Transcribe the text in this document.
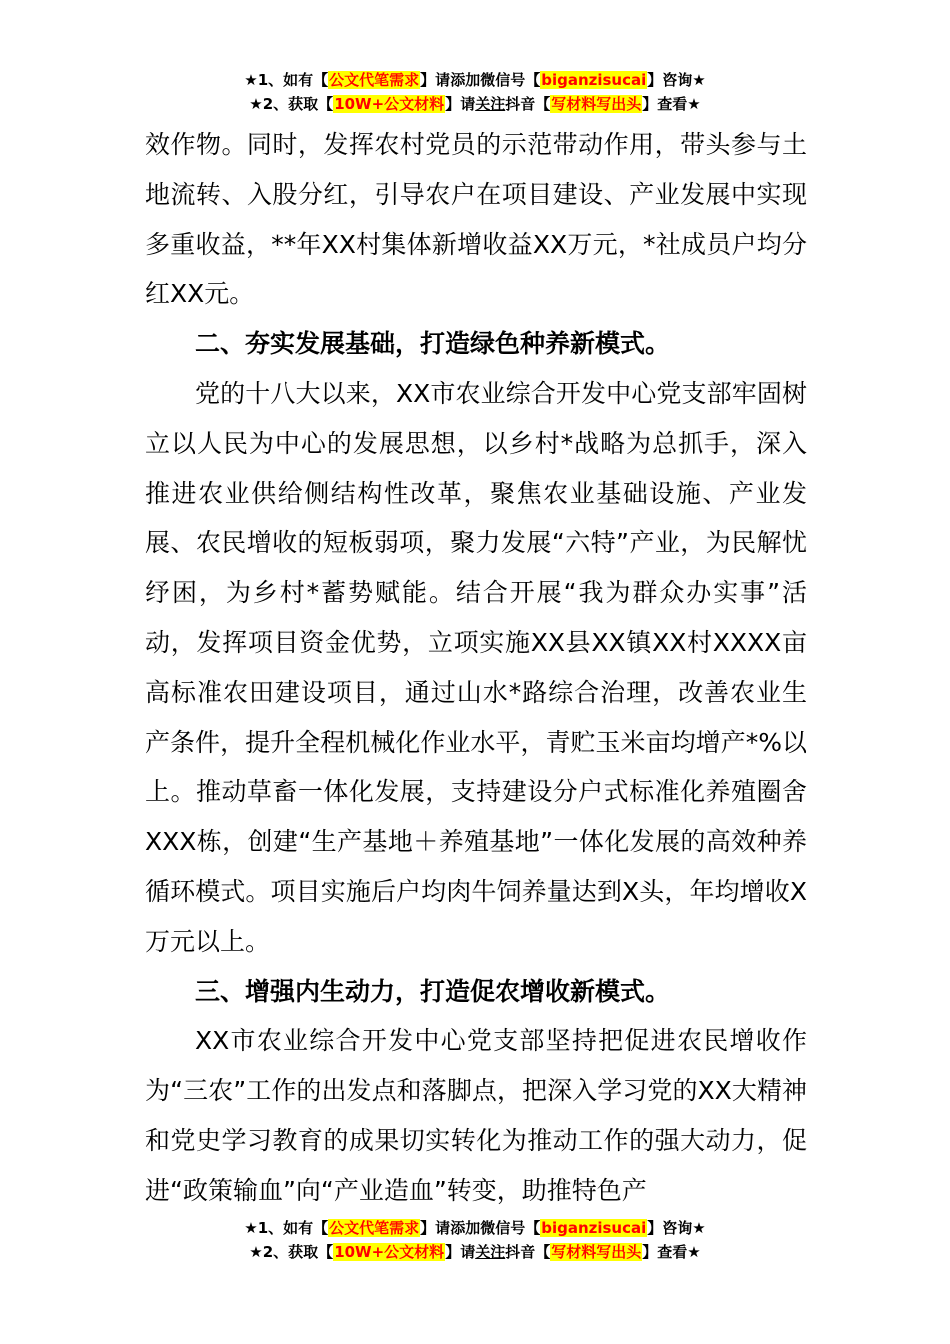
★1、如有【公文代笔需求】请添加微信号【biganzisucai】咨询★
★2、获取【10W+公文材料】请关注抖音【写材料写出头】查看★

效作物。同时，发挥农村党员的示范带动作用，带头参与土地流转、入股分红，引导农户在项目建设、产业发展中实现多重收益，**年XX村集体新增收益XX万元，*社成员户均分红XX元。

二、夯实发展基础，打造绿色种养新模式。

党的十八大以来，XX市农业综合开发中心党支部牢固树立以人民为中心的发展思想，以乡村*战略为总抓手，深入推进农业供给侧结构性改革，聚焦农业基础设施、产业发展、农民增收的短板弱项，聚力发展“六特”产业，为民解忧纾困，为乡村*蓄势赋能。结合开展“我为群众办实事”活动，发挥项目资金优势，立项实施XX县XX镇XX村XXXX亩高标准农田建设项目，通过山水*路综合治理，改善农业生产条件，提升全程机械化作业水平，青贮玉米亩均增产*%以上。推动草畜一体化发展，支持建设分户式标准化养殖圈舍XXX栋，创建“生产基地＋养殖基地”一体化发展的高效种养循环模式。项目实施后户均肉牛饲养量达到X头，年均增收X万元以上。

三、增强内生动力，打造促农增收新模式。

XX市农业综合开发中心党支部坚持把促进农民增收作为“三农”工作的出发点和落脚点，把深入学习党的XX大精神和党史学习教育的成果切实转化为推动工作的强大动力，促进“政策输血”向“产业造血”转变，助推特色产

★1、如有【公文代笔需求】请添加微信号【biganzisucai】咨询★
★2、获取【10W+公文材料】请关注抖音【写材料写出头】查看★
